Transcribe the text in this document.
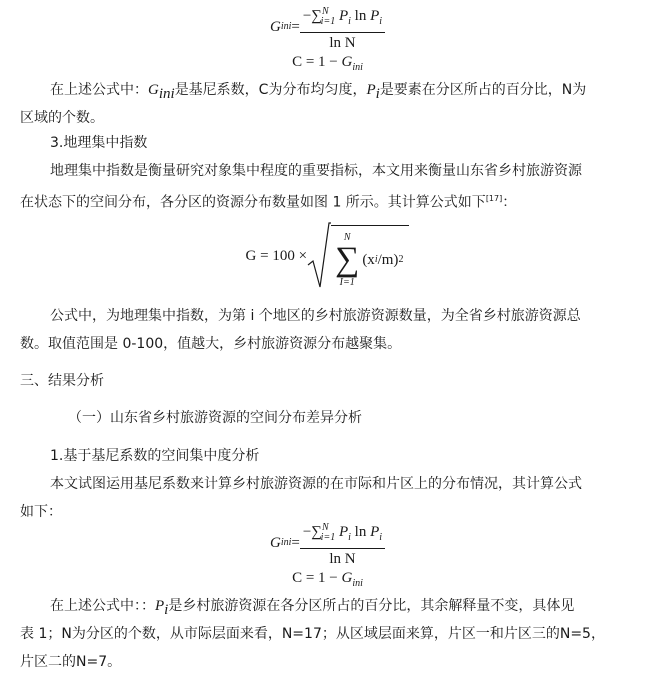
G ini = $\frac{-\sum^N_{i=1} P_i \ln P_i}{\text{ln N}}$
$C = 1 - G_{ini}$
在上述公式中：$G_{ini}$是基尼系数，C为分布均匀度，$P_i$是要素在分区所占的百分比，N为
区域的个数。
3.地理集中指数
地理集中指数是衡量研究对象集中程度的重要指标，本文用来衡量山东省乡村旅游资源
在状态下的空间分布，各分区的资源分布数量如图 1 所示。其计算公式如下[17]：
G = 100 ×
N
∑
I=1
(x i /m) 2
公式中，为地理集中指数，为第 i 个地区的乡村旅游资源数量，为全省乡村旅游资源总
数。取值范围是 0-100，值越大，乡村旅游资源分布越聚集。
三、结果分析
（一）山东省乡村旅游资源的空间分布差异分析
1.基于基尼系数的空间集中度分析
本文试图运用基尼系数来计算乡村旅游资源的在市际和片区上的分布情况，其计算公式
如下：
G ini = $\frac{-\sum^N_{i=1} P_i \ln P_i}{\text{ln N}}$
$C = 1 - G_{ini}$
在上述公式中：：$P_i$是乡村旅游资源在各分区所占的百分比，其余解释量不变，具体见
表 1；N为分区的个数，从市际层面来看，N=17；从区域层面来算，片区一和片区三的N=5，
片区二的N=7。
